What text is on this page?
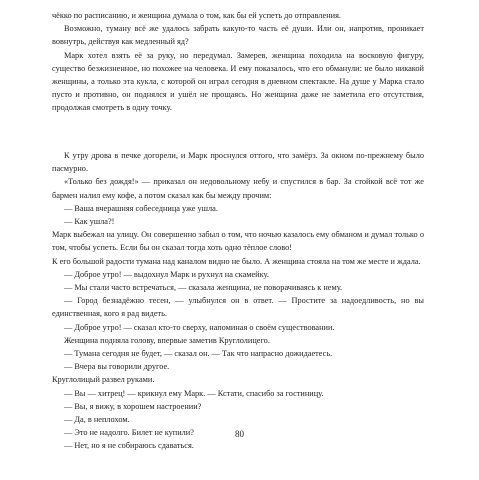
чёкко по расписанию, и женщина думала о том, как бы ей успеть до отправления.

Возможно, туману всё же удалось забрать какую-то часть её души. Или он, напротив, проникает вовнутрь, действуя как медленный яд?

Марк хотел взять её за руку, но передумал. Замерев, женщина походила на восковую фигуру, существо безжизненное, но похожее на человека. И ему показалось, что его обманули: не было никакой женщины, а только эта кукла, с которой он играл сегодня в дневном спектакле. На душе у Марка стало пусто и противно, он поднялся и ушёл не прощаясь. Но женщина даже не заметила его отсутствия, продолжая смотреть в одну точку.

К утру дрова в печке догорели, и Марк проснулся оттого, что замёрз. За окном по-прежнему было пасмурно.

«Только без дождя!» — приказал он недовольному небу и спустился в бар. За стойкой всё тот же бармен налил ему кофе, а потом сказал как бы между прочим:

— Ваша вчерашняя собеседница уже ушла.

— Как ушла?!

Марк выбежал на улицу. Он совершенно забыл о том, что ночью казалось ему обманом и думал только о том, чтобы успеть. Если бы он сказал тогда хоть одно тёплое слово!

К его большой радости тумана над каналом видно не было. А женщина стояла на том же месте и ждала.

— Доброе утро! — выдохнул Марк и рухнул на скамейку.

— Мы стали часто встречаться, — сказала женщина, не поворачиваясь к нему.

— Город безнадёжно тесен, — улыбнулся он в ответ. — Простите за надоедливость, но вы единственная, кого я рад видеть.

— Доброе утро! — сказал кто-то сверху, напоминая о своём существовании.

Женщина подняла голову, впервые заметив Круглолицего.

— Тумана сегодня не будет, — сказал он. — Так что напрасно дожидаетесь.

— Вчера вы говорили другое.

Круглолицый развел руками.

— Вы — хитрец! — крикнул ему Марк. — Кстати, спасибо за гостиницу.

— Вы, я вижу, в хорошем настроении?

— Да, в неплохом.

— Это не надолго. Билет не купили?

— Нет, но я не собираюсь сдаваться.

80
